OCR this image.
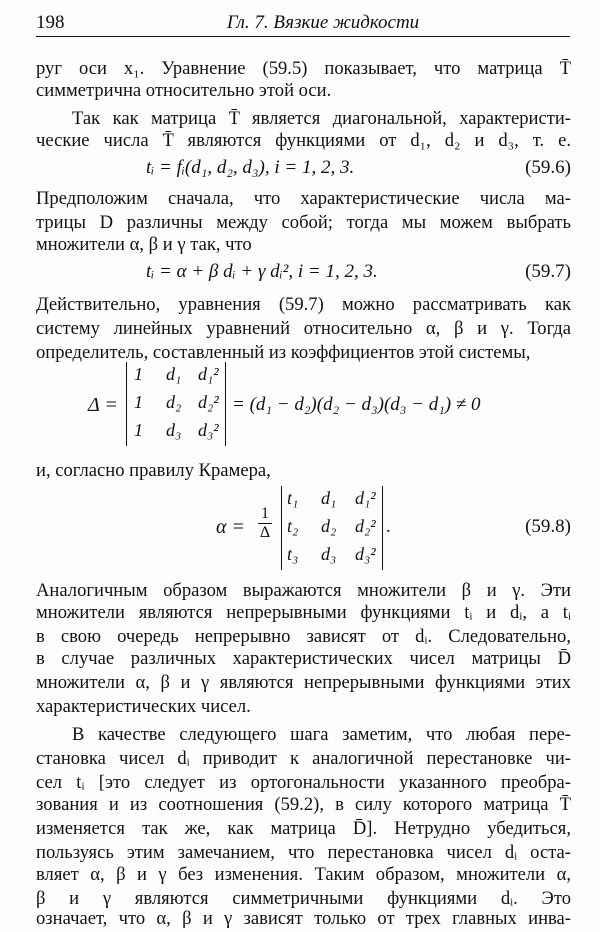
198	Гл. 7. Вязкие жидкости
руг оси x₁. Уравнение (59.5) показывает, что матрица T̄
симметрична относительно этой оси.
Так как матрица T̄ является диагональной, характеристи-
ческие числа T̄ являются функциями от d₁, d₂ и d₃, т. е.
tᵢ = fᵢ(d₁, d₂, d₃), i = 1, 2, 3.	(59.6)
Предположим сначала, что характеристические числа ма-
трицы D различны между собой; тогда мы можем выбрать
множители α, β и γ так, что
tᵢ = α + β dᵢ + γ dᵢ², i = 1, 2, 3.	(59.7)
Действительно, уравнения (59.7) можно рассматривать как
систему линейных уравнений относительно α, β и γ. Тогда
определитель, составленный из коэффициентов этой системы,
Δ =
1 d₁ d₁²
1 d₂ d₂²
1 d₃ d₃²
= (d₁ − d₂)(d₂ − d₃)(d₃ − d₁) ≠ 0
и, согласно правилу Крамера,
$\alpha = \frac{1}{\Delta}$
t₁ d₁ d₁²
t₂ d₂ d₂²
t₃ d₃ d₃²
.	(59.8)
Аналогичным образом выражаются множители β и γ. Эти
множители являются непрерывными функциями tᵢ и dᵢ, а tᵢ
в свою очередь непрерывно зависят от dᵢ. Следовательно,
в случае различных характеристических чисел матрицы D̄
множители α, β и γ являются непрерывными функциями этих
характеристических чисел.
В качестве следующего шага заметим, что любая пере-
становка чисел dᵢ приводит к аналогичной перестановке чи-
сел tᵢ [это следует из ортогональности указанного преобра-
зования и из соотношения (59.2), в силу которого матрица T̄
изменяется так же, как матрица D̄]. Нетрудно убедиться,
пользуясь этим замечанием, что перестановка чисел dᵢ оста-
вляет α, β и γ без изменения. Таким образом, множители α,
β и γ являются симметричными функциями dᵢ. Это
означает, что α, β и γ зависят только от трех главных инва-
